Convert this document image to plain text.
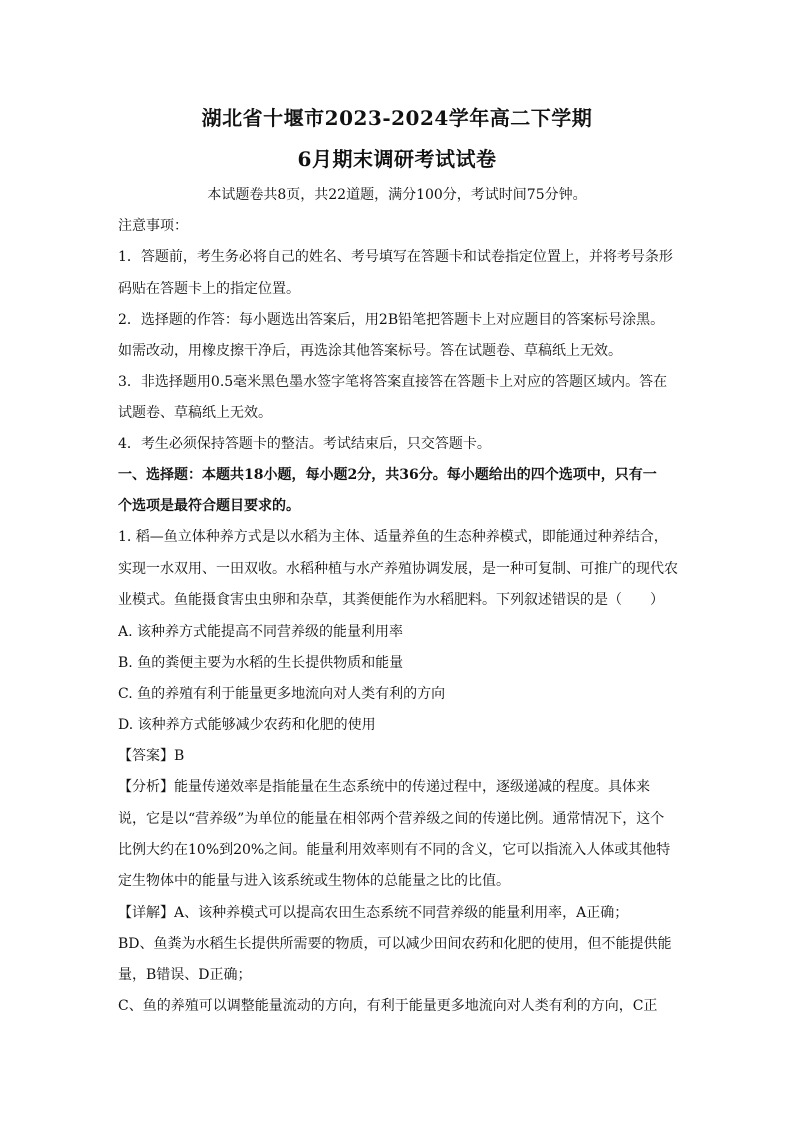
湖北省十堰市2023-2024学年高二下学期
6月期末调研考试试卷
本试题卷共8页，共22道题，满分100分，考试时间75分钟。
注意事项：
1．答题前，考生务必将自己的姓名、考号填写在答题卡和试卷指定位置上，并将考号条形
码贴在答题卡上的指定位置。
2．选择题的作答：每小题选出答案后，用2B铅笔把答题卡上对应题目的答案标号涂黑。
如需改动，用橡皮擦干净后，再选涂其他答案标号。答在试题卷、草稿纸上无效。
3．非选择题用0.5毫米黑色墨水签字笔将答案直接答在答题卡上对应的答题区域内。答在
试题卷、草稿纸上无效。
4．考生必须保持答题卡的整洁。考试结束后，只交答题卡。
一、选择题：本题共18小题，每小题2分，共36分。每小题给出的四个选项中，只有一
个选项是最符合题目要求的。
1. 稻—鱼立体种养方式是以水稻为主体、适量养鱼的生态种养模式，即能通过种养结合，
实现一水双用、一田双收。水稻种植与水产养殖协调发展，是一种可复制、可推广的现代农
业模式。鱼能摄食害虫虫卵和杂草，其粪便能作为水稻肥料。下列叙述错误的是（　　）
A. 该种养方式能提高不同营养级的能量利用率
B. 鱼的粪便主要为水稻的生长提供物质和能量
C. 鱼的养殖有利于能量更多地流向对人类有利的方向
D. 该种养方式能够减少农药和化肥的使用
【答案】B
【分析】能量传递效率是指能量在生态系统中的传递过程中，逐级递减的程度。具体来
说，它是以“营养级”为单位的能量在相邻两个营养级之间的传递比例。通常情况下，这个
比例大约在10%到20%之间。能量利用效率则有不同的含义，它可以指流入人体或其他特
定生物体中的能量与进入该系统或生物体的总能量之比的比值。
【详解】A、该种养模式可以提高农田生态系统不同营养级的能量利用率，A正确；
BD、鱼粪为水稻生长提供所需要的物质，可以减少田间农药和化肥的使用，但不能提供能
量，B错误、D正确；
C、鱼的养殖可以调整能量流动的方向，有利于能量更多地流向对人类有利的方向，C正
